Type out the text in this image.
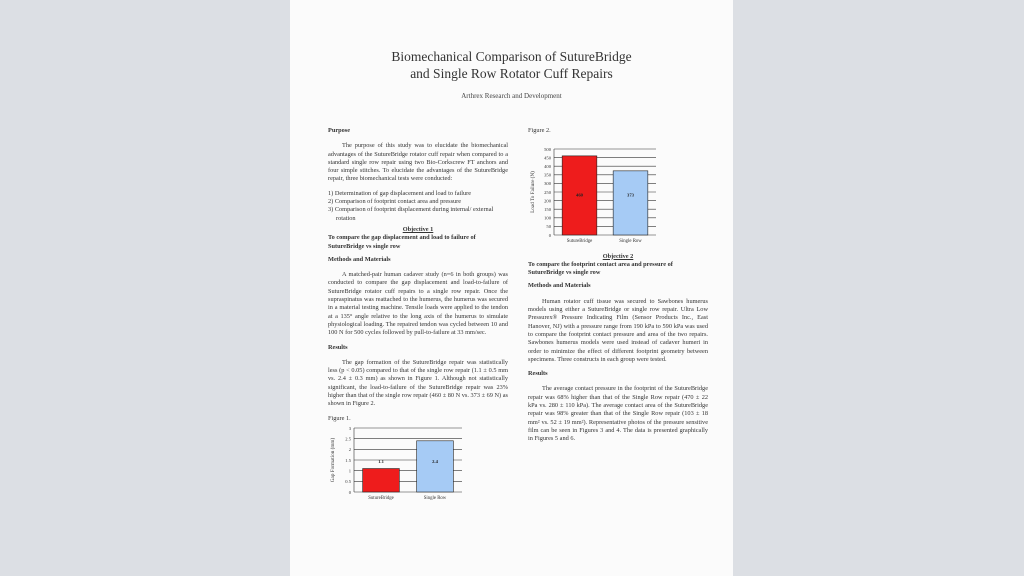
Biomechanical Comparison of SutureBridge
and Single Row Rotator Cuff Repairs
Arthrex Research and Development
Purpose
The purpose of this study was to elucidate the biomechanical advantages of the SutureBridge rotator cuff repair when compared to a standard single row repair using two Bio-Corkscrew FT anchors and four simple stitches. To elucidate the advantages of the SutureBridge repair, three biomechanical tests were conducted:
1) Determination of gap displacement and load to failure
2) Comparison of footprint contact area and pressure
3) Comparison of footprint displacement during internal/ external rotation
Objective 1
To compare the gap displacement and load to failure of SutureBridge vs single row
Methods and Materials
A matched-pair human cadaver study (n=6 in both groups) was conducted to compare the gap displacement and load-to-failure of SutureBridge rotator cuff repairs to a single row repair. Once the supraspinatus was reattached to the humerus, the humerus was secured in a material testing machine. Tensile loads were applied to the tendon at a 135° angle relative to the long axis of the humerus to simulate physiological loading. The repaired tendon was cycled between 10 and 100 N for 500 cycles followed by pull-to-failure at 33 mm/sec.
Results
The gap formation of the SutureBridge repair was statistically less (p < 0.05) compared to that of the single row repair (1.1 ± 0.5 mm vs. 2.4 ± 0.3 mm) as shown in Figure 1. Although not statistically significant, the load-to-failure of the SutureBridge repair was 23% higher than that of the single row repair (460 ± 80 N vs. 373 ± 69 N) as shown in Figure 2.
Figure 1.
0
0.5
1
1.5
2
2.5
3
Gap Formation (mm)	1.1
SutureBridge
2.4
Single Row
Figure 2.
0
50
100
150
200
250
300
350
400
450
500
Load To Failure (N)	460
SutureBridge
373
Single Row
Objective 2
To compare the footprint contact area and pressure of SutureBridge vs single row
Methods and Materials
Human rotator cuff tissue was secured to Sawbones humerus models using either a SutureBridge or single row repair. Ultra Low Pressurex® Pressure Indicating Film (Sensor Products Inc., East Hanover, NJ) with a pressure range from 190 kPa to 590 kPa was used to compare the footprint contact pressure and area of the two repairs. Sawbones humerus models were used instead of cadaver humeri in order to minimize the effect of different footprint geometry between specimens. Three constructs in each group were tested.
Results
The average contact pressure in the footprint of the SutureBridge repair was 68% higher than that of the Single Row repair (470 ± 22 kPa vs. 280 ± 110 kPa). The average contact area of the SutureBridge repair was 98% greater than that of the Single Row repair (103 ± 18 mm² vs. 52 ± 19 mm²). Representative photos of the pressure sensitive film can be seen in Figures 3 and 4. The data is presented graphically in Figures 5 and 6.
